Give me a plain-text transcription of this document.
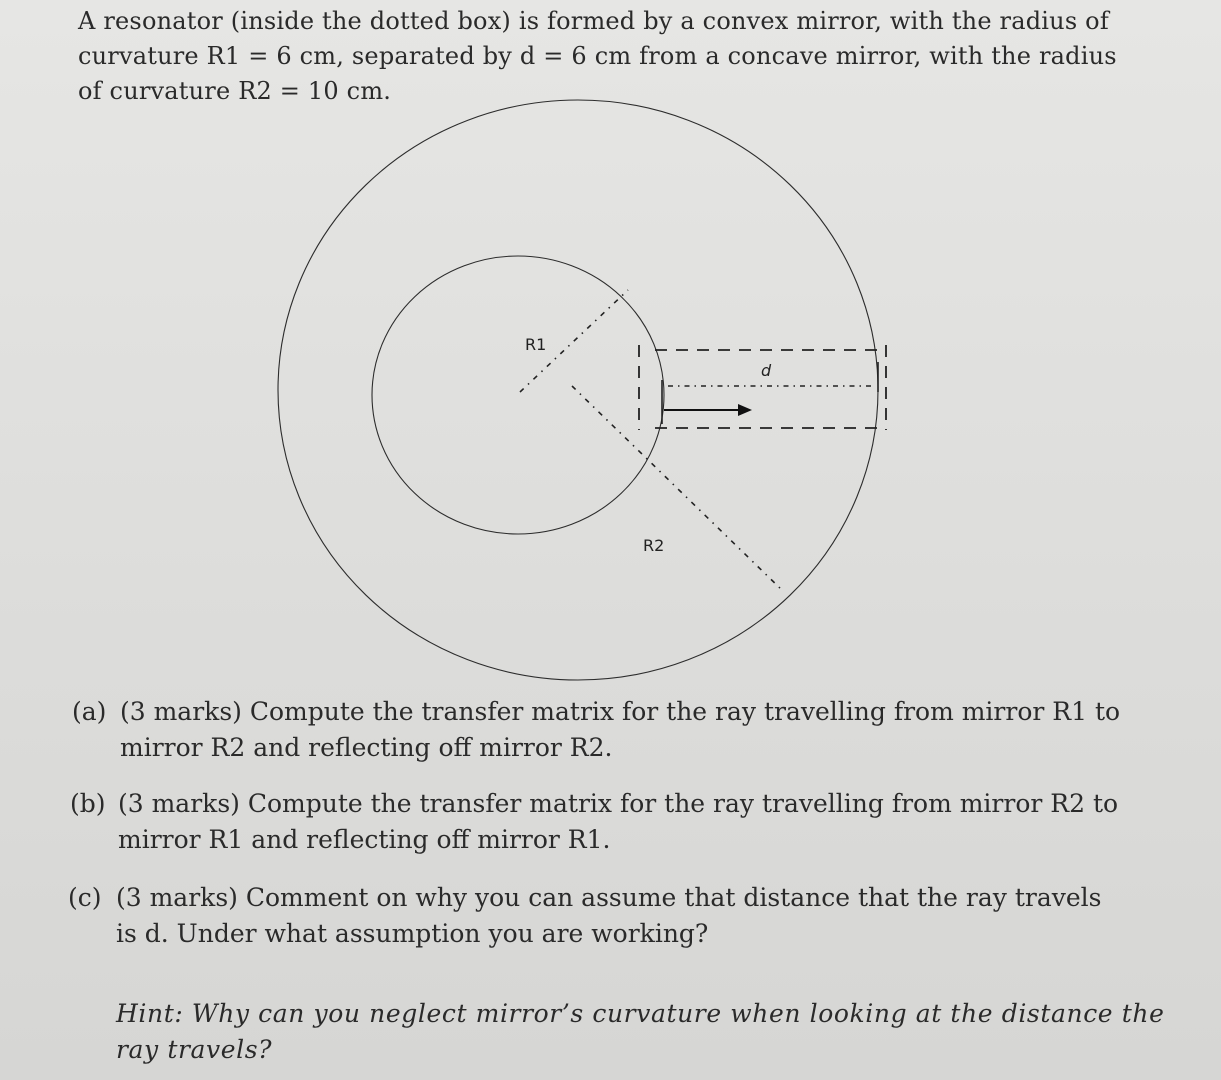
A resonator (inside the dotted box) is formed by a convex mirror, with the radius of
curvature R1 = 6 cm, separated by d = 6 cm from a concave mirror, with the radius
of curvature R2 = 10 cm.
R1
R2
d
(a) (3 marks) Compute the transfer matrix for the ray travelling from mirror R1 to
mirror R2 and reflecting off mirror R2.
(b) (3 marks) Compute the transfer matrix for the ray travelling from mirror R2 to
mirror R1 and reflecting off mirror R1.
(c) (3 marks) Comment on why you can assume that distance that the ray travels
is d. Under what assumption you are working?
Hint: Why can you neglect mirror’s curvature when looking at the distance the
ray travels?
